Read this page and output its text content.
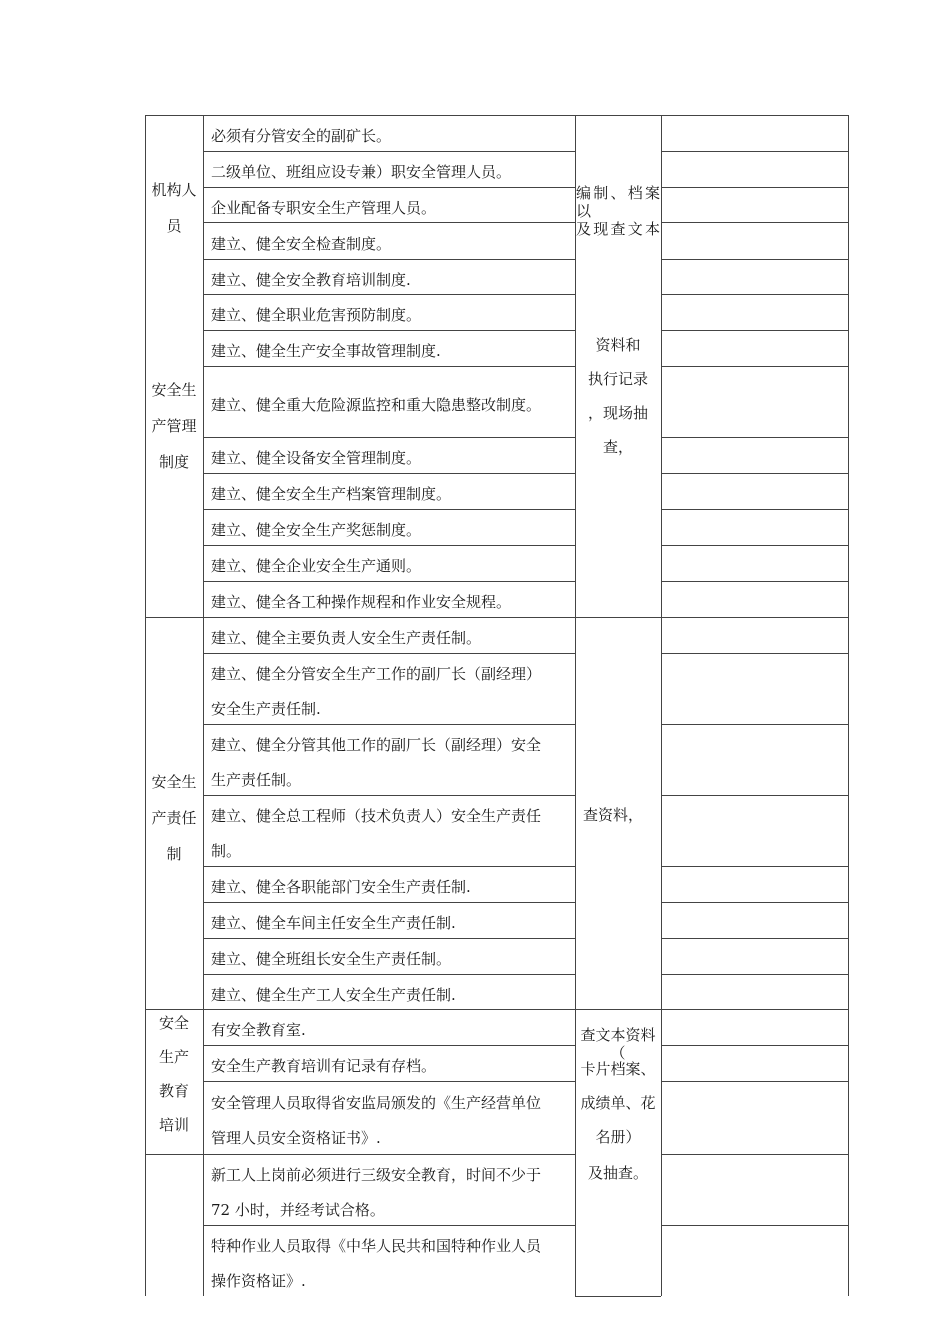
必须有分管安全的副矿长。
二级单位、班组应设专兼）职安全管理人员。
企业配备专职安全生产管理人员。
机构人
员
建立、健全安全检查制度。
建立、健全安全教育培训制度.
建立、健全职业危害预防制度。
建立、健全生产安全事故管理制度.
建立、健全重大危险源监控和重大隐患整改制度。
建立、健全设备安全管理制度。
建立、健全安全生产档案管理制度。
建立、健全安全生产奖惩制度。
建立、健全企业安全生产通则。
建立、健全各工种操作规程和作业安全规程。
安全生
产管理
制度
建立、健全主要负责人安全生产责任制。
建立、健全分管安全生产工作的副厂长（副经理）
安全生产责任制.
建立、健全分管其他工作的副厂长（副经理）安全
生产责任制。
建立、健全总工程师（技术负责人）安全生产责任
制。
建立、健全各职能部门安全生产责任制.
建立、健全车间主任安全生产责任制.
建立、健全班组长安全生产责任制。
建立、健全生产工人安全生产责任制.
安全生
产责任
制
有安全教育室.
安全生产教育培训有记录有存档。
安全管理人员取得省安监局颁发的《生产经营单位
管理人员安全资格证书》.
安全
生产
教育
培训
新工人上岗前必须进行三级安全教育，时间不少于
72 小时，并经考试合格。
特种作业人员取得《中华人民共和国特种作业人员
操作资格证》.
编制、档案以
及现查文本
资料和
执行记录
，现场抽
查，
查资料，
查文本资料（
卡片档案、
成绩单、花
名册）
及抽查。
